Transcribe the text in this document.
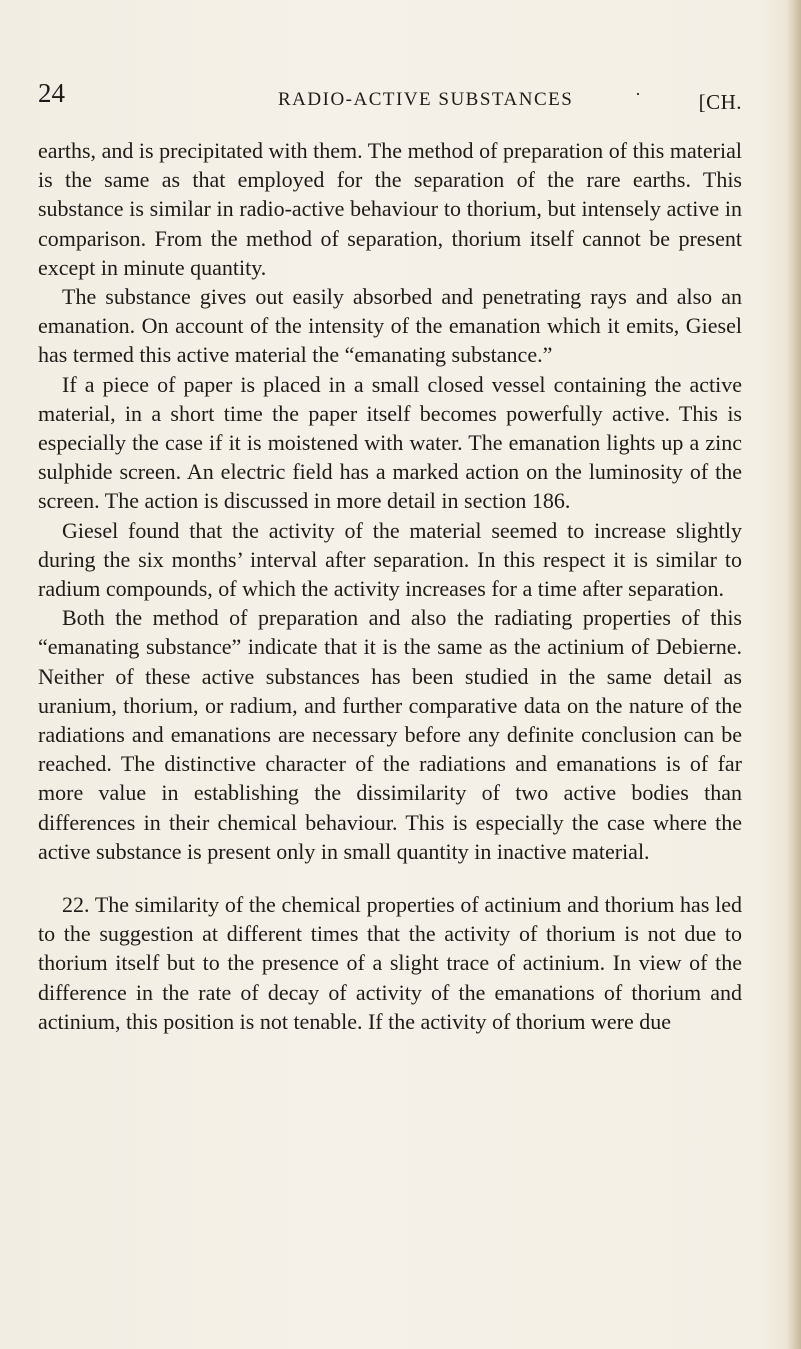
24	RADIO-ACTIVE SUBSTANCES	·	[CH.

earths, and is precipitated with them. The method of preparation of this material is the same as that employed for the separation of the rare earths. This substance is similar in radio-active behaviour to thorium, but intensely active in comparison. From the method of separation, thorium itself cannot be present except in minute quantity.

The substance gives out easily absorbed and penetrating rays and also an emanation. On account of the intensity of the emanation which it emits, Giesel has termed this active material the “emanating substance.”

If a piece of paper is placed in a small closed vessel containing the active material, in a short time the paper itself becomes powerfully active. This is especially the case if it is moistened with water. The emanation lights up a zinc sulphide screen. An electric field has a marked action on the luminosity of the screen. The action is discussed in more detail in section 186.

Giesel found that the activity of the material seemed to increase slightly during the six months’ interval after separation. In this respect it is similar to radium compounds, of which the activity increases for a time after separation.

Both the method of preparation and also the radiating properties of this “emanating substance” indicate that it is the same as the actinium of Debierne. Neither of these active substances has been studied in the same detail as uranium, thorium, or radium, and further comparative data on the nature of the radiations and emanations are necessary before any definite conclusion can be reached. The distinctive character of the radiations and emanations is of far more value in establishing the dissimilarity of two active bodies than differences in their chemical behaviour. This is especially the case where the active substance is present only in small quantity in inactive material.

22. The similarity of the chemical properties of actinium and thorium has led to the suggestion at different times that the activity of thorium is not due to thorium itself but to the presence of a slight trace of actinium. In view of the difference in the rate of decay of activity of the emanations of thorium and actinium, this position is not tenable. If the activity of thorium were due
